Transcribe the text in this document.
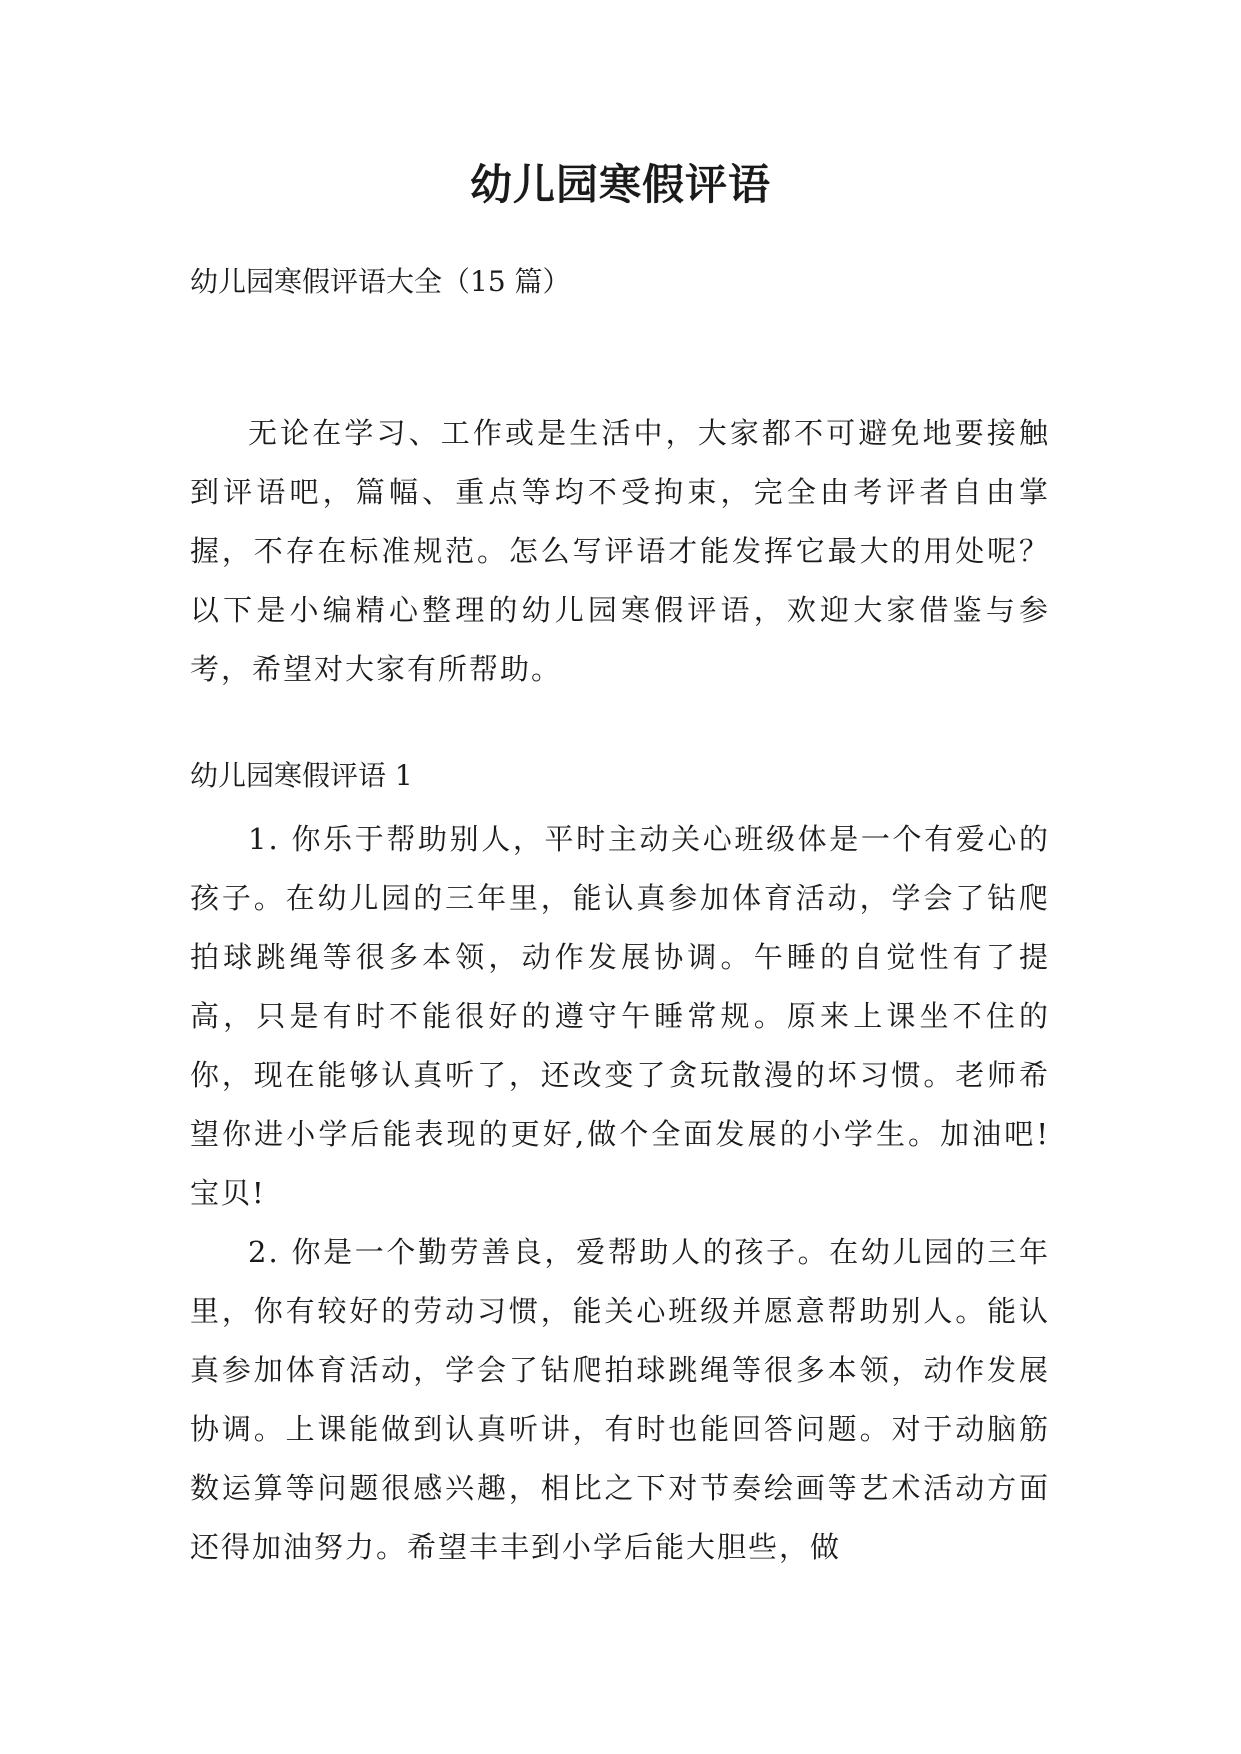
幼儿园寒假评语
幼儿园寒假评语大全（15 篇）

无论在学习、工作或是生活中，大家都不可避免地要接触到评语吧，篇幅、重点等均不受拘束，完全由考评者自由掌握，不存在标准规范。怎么写评语才能发挥它最大的用处呢？以下是小编精心整理的幼儿园寒假评语，欢迎大家借鉴与参考，希望对大家有所帮助。

幼儿园寒假评语 1

1. 你乐于帮助别人，平时主动关心班级体是一个有爱心的孩子。在幼儿园的三年里，能认真参加体育活动，学会了钻爬拍球跳绳等很多本领，动作发展协调。午睡的自觉性有了提高，只是有时不能很好的遵守午睡常规。原来上课坐不住的你，现在能够认真听了，还改变了贪玩散漫的坏习惯。老师希望你进小学后能表现的更好,做个全面发展的小学生。加油吧!宝贝!

2. 你是一个勤劳善良，爱帮助人的孩子。在幼儿园的三年里，你有较好的劳动习惯，能关心班级并愿意帮助别人。能认真参加体育活动，学会了钻爬拍球跳绳等很多本领，动作发展协调。上课能做到认真听讲，有时也能回答问题。对于动脑筋数运算等问题很感兴趣，相比之下对节奏绘画等艺术活动方面还得加油努力。希望丰丰到小学后能大胆些，做
